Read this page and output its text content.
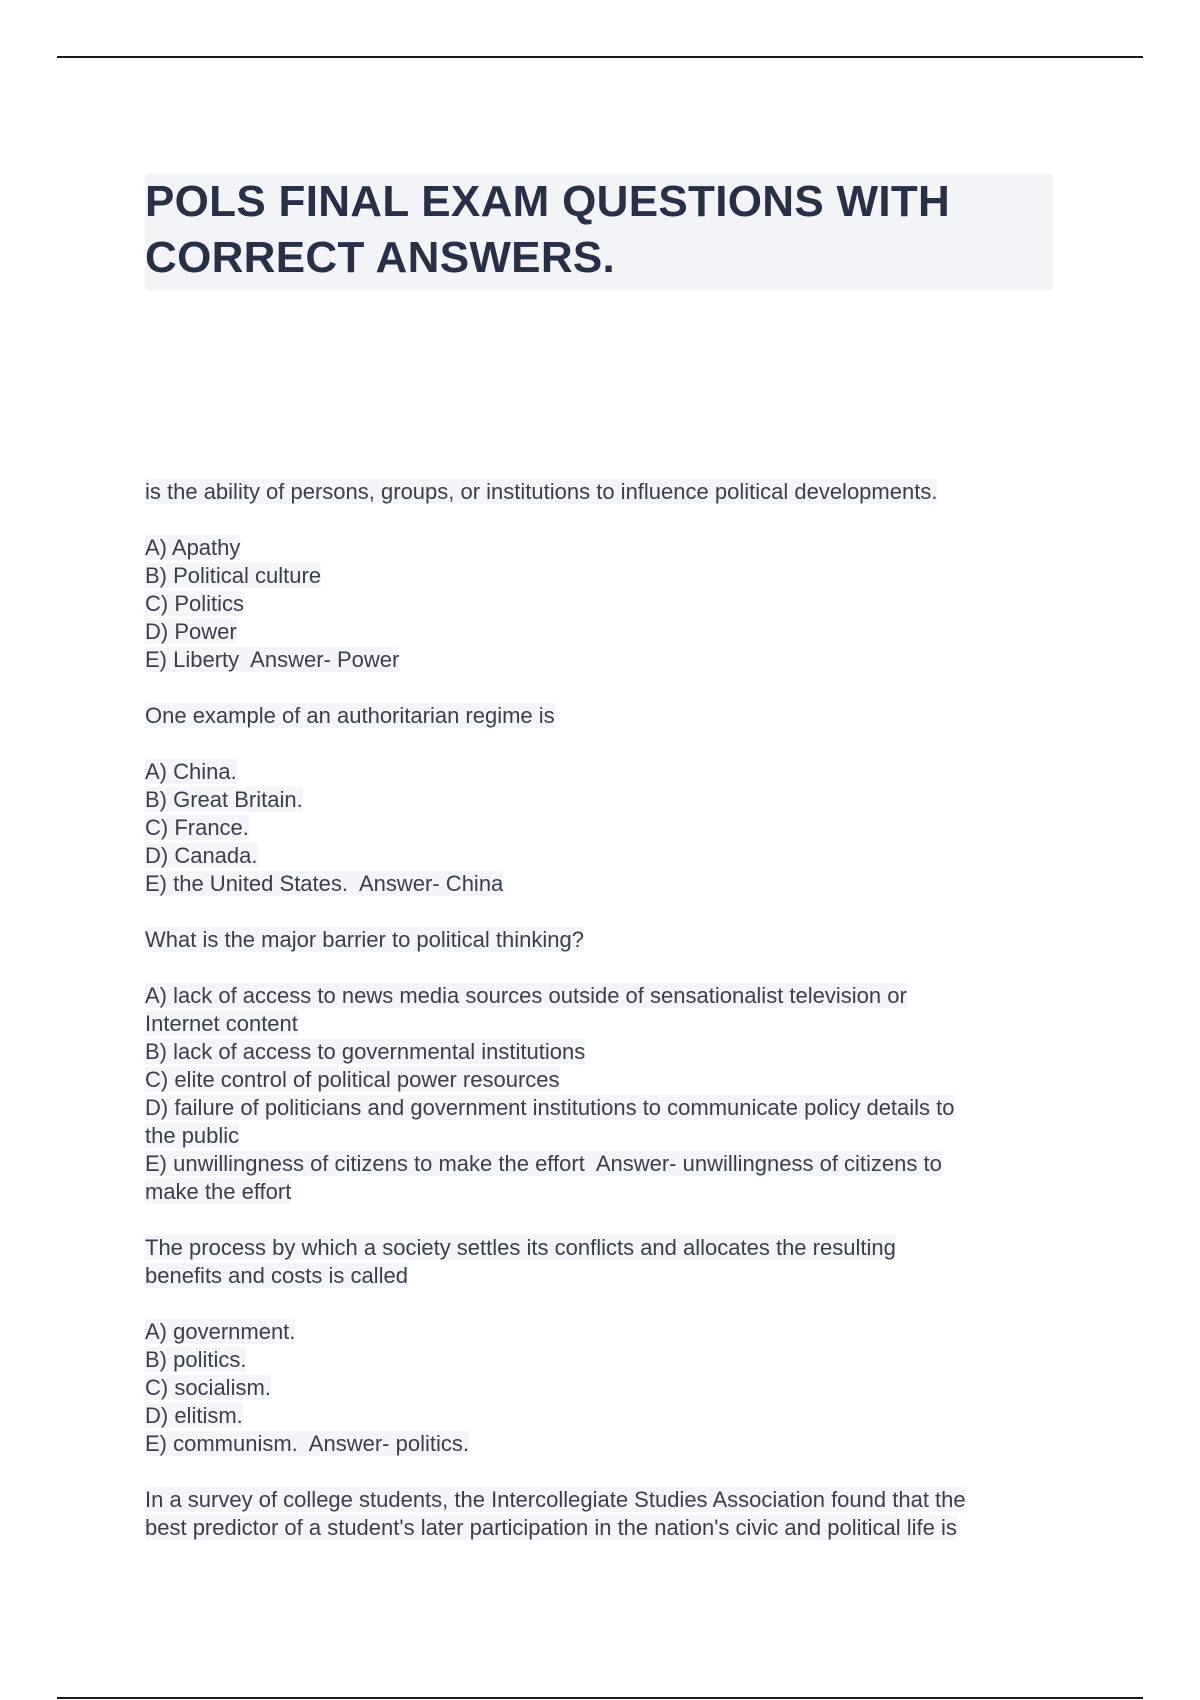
POLS FINAL EXAM QUESTIONS WITH CORRECT ANSWERS.
is the ability of persons, groups, or institutions to influence political developments.
A) Apathy
B) Political culture
C) Politics
D) Power
E) Liberty  Answer- Power
One example of an authoritarian regime is
A) China.
B) Great Britain.
C) France.
D) Canada.
E) the United States.  Answer- China
What is the major barrier to political thinking?
A) lack of access to news media sources outside of sensationalist television or
Internet content
B) lack of access to governmental institutions
C) elite control of political power resources
D) failure of politicians and government institutions to communicate policy details to
the public
E) unwillingness of citizens to make the effort  Answer- unwillingness of citizens to
make the effort
The process by which a society settles its conflicts and allocates the resulting
benefits and costs is called
A) government.
B) politics.
C) socialism.
D) elitism.
E) communism.  Answer- politics.
In a survey of college students, the Intercollegiate Studies Association found that the
best predictor of a student's later participation in the nation's civic and political life is
